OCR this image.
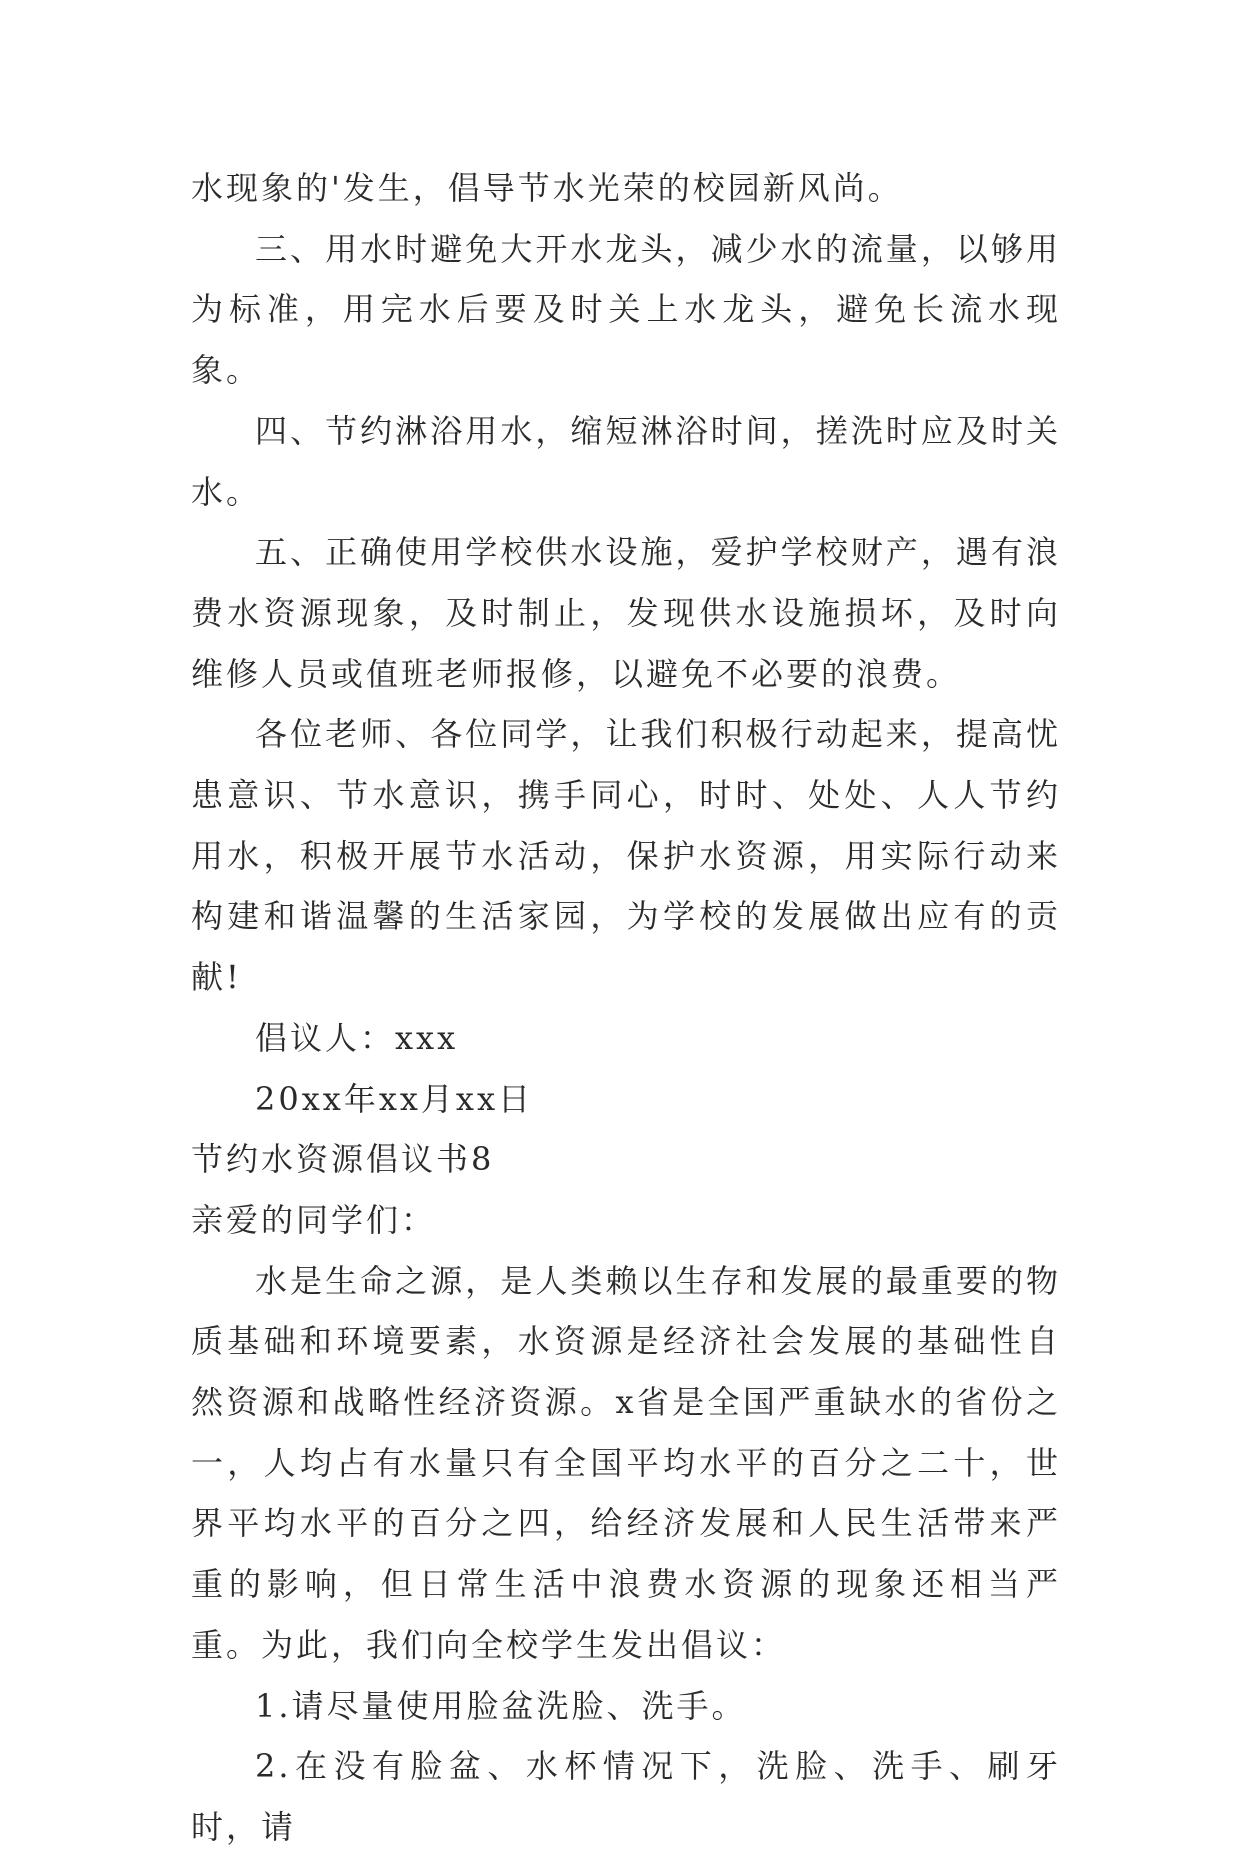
水现象的'发生，倡导节水光荣的校园新风尚。

三、用水时避免大开水龙头，减少水的流量，以够用为标准，用完水后要及时关上水龙头，避免长流水现象。

四、节约淋浴用水，缩短淋浴时间，搓洗时应及时关水。

五、正确使用学校供水设施，爱护学校财产，遇有浪费水资源现象，及时制止，发现供水设施损坏，及时向维修人员或值班老师报修，以避免不必要的浪费。

各位老师、各位同学，让我们积极行动起来，提高忧患意识、节水意识，携手同心，时时、处处、人人节约用水，积极开展节水活动，保护水资源，用实际行动来构建和谐温馨的生活家园，为学校的发展做出应有的贡献!

倡议人：xxx

20xx年xx月xx日

节约水资源倡议书8

亲爱的同学们：

水是生命之源，是人类赖以生存和发展的最重要的物质基础和环境要素，水资源是经济社会发展的基础性自然资源和战略性经济资源。x省是全国严重缺水的省份之一，人均占有水量只有全国平均水平的百分之二十，世界平均水平的百分之四，给经济发展和人民生活带来严重的影响，但日常生活中浪费水资源的现象还相当严重。为此，我们向全校学生发出倡议：

1.请尽量使用脸盆洗脸、洗手。

2.在没有脸盆、水杯情况下，洗脸、洗手、刷牙时，请
